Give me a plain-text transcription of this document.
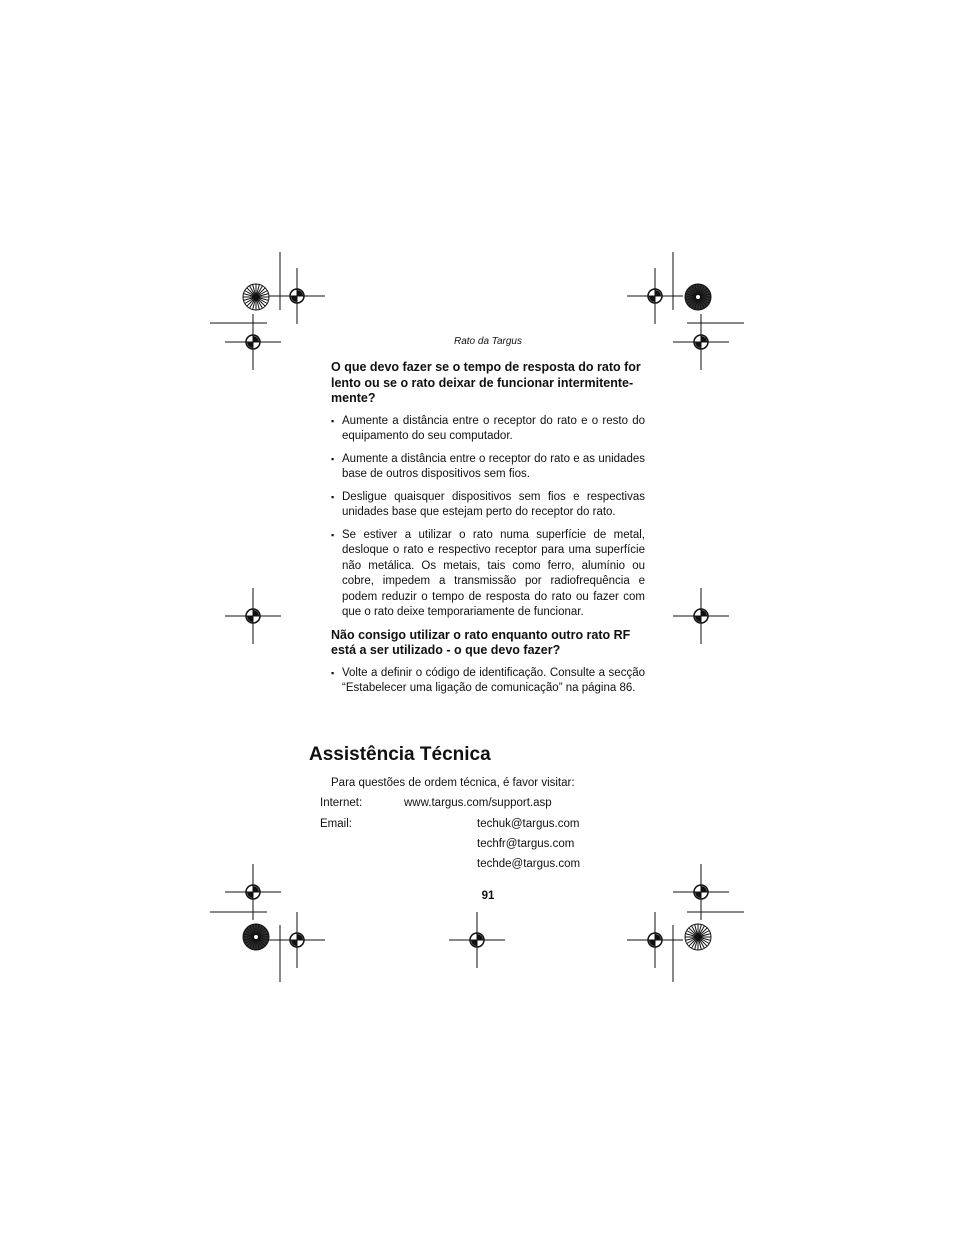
Rato da Targus

O que devo fazer se o tempo de resposta do rato for lento ou se o rato deixar de funcionar intermitente-mente?

▪ Aumente a distância entre o receptor do rato e o resto do equipamento do seu computador.
▪ Aumente a distância entre o receptor do rato e as unidades base de outros dispositivos sem fios.
▪ Desligue quaisquer dispositivos sem fios e respectivas unidades base que estejam perto do receptor do rato.
▪ Se estiver a utilizar o rato numa superfície de metal, desloque o rato e respectivo receptor para uma superfície não metálica. Os metais, tais como ferro, alumínio ou cobre, impedem a transmissão por radiofrequência e podem reduzir o tempo de resposta do rato ou fazer com que o rato deixe temporariamente de funcionar.

Não consigo utilizar o rato enquanto outro rato RF está a ser utilizado - o que devo fazer?

▪ Volte a definir o código de identificação. Consulte a secção “Estabelecer uma ligação de comunicação” na página 86.
Assistência Técnica
Para questões de ordem técnica, é favor visitar:
Internet:	www.targus.com/support.asp
Email:	techuk@targus.com
techfr@targus.com
techde@targus.com
91
